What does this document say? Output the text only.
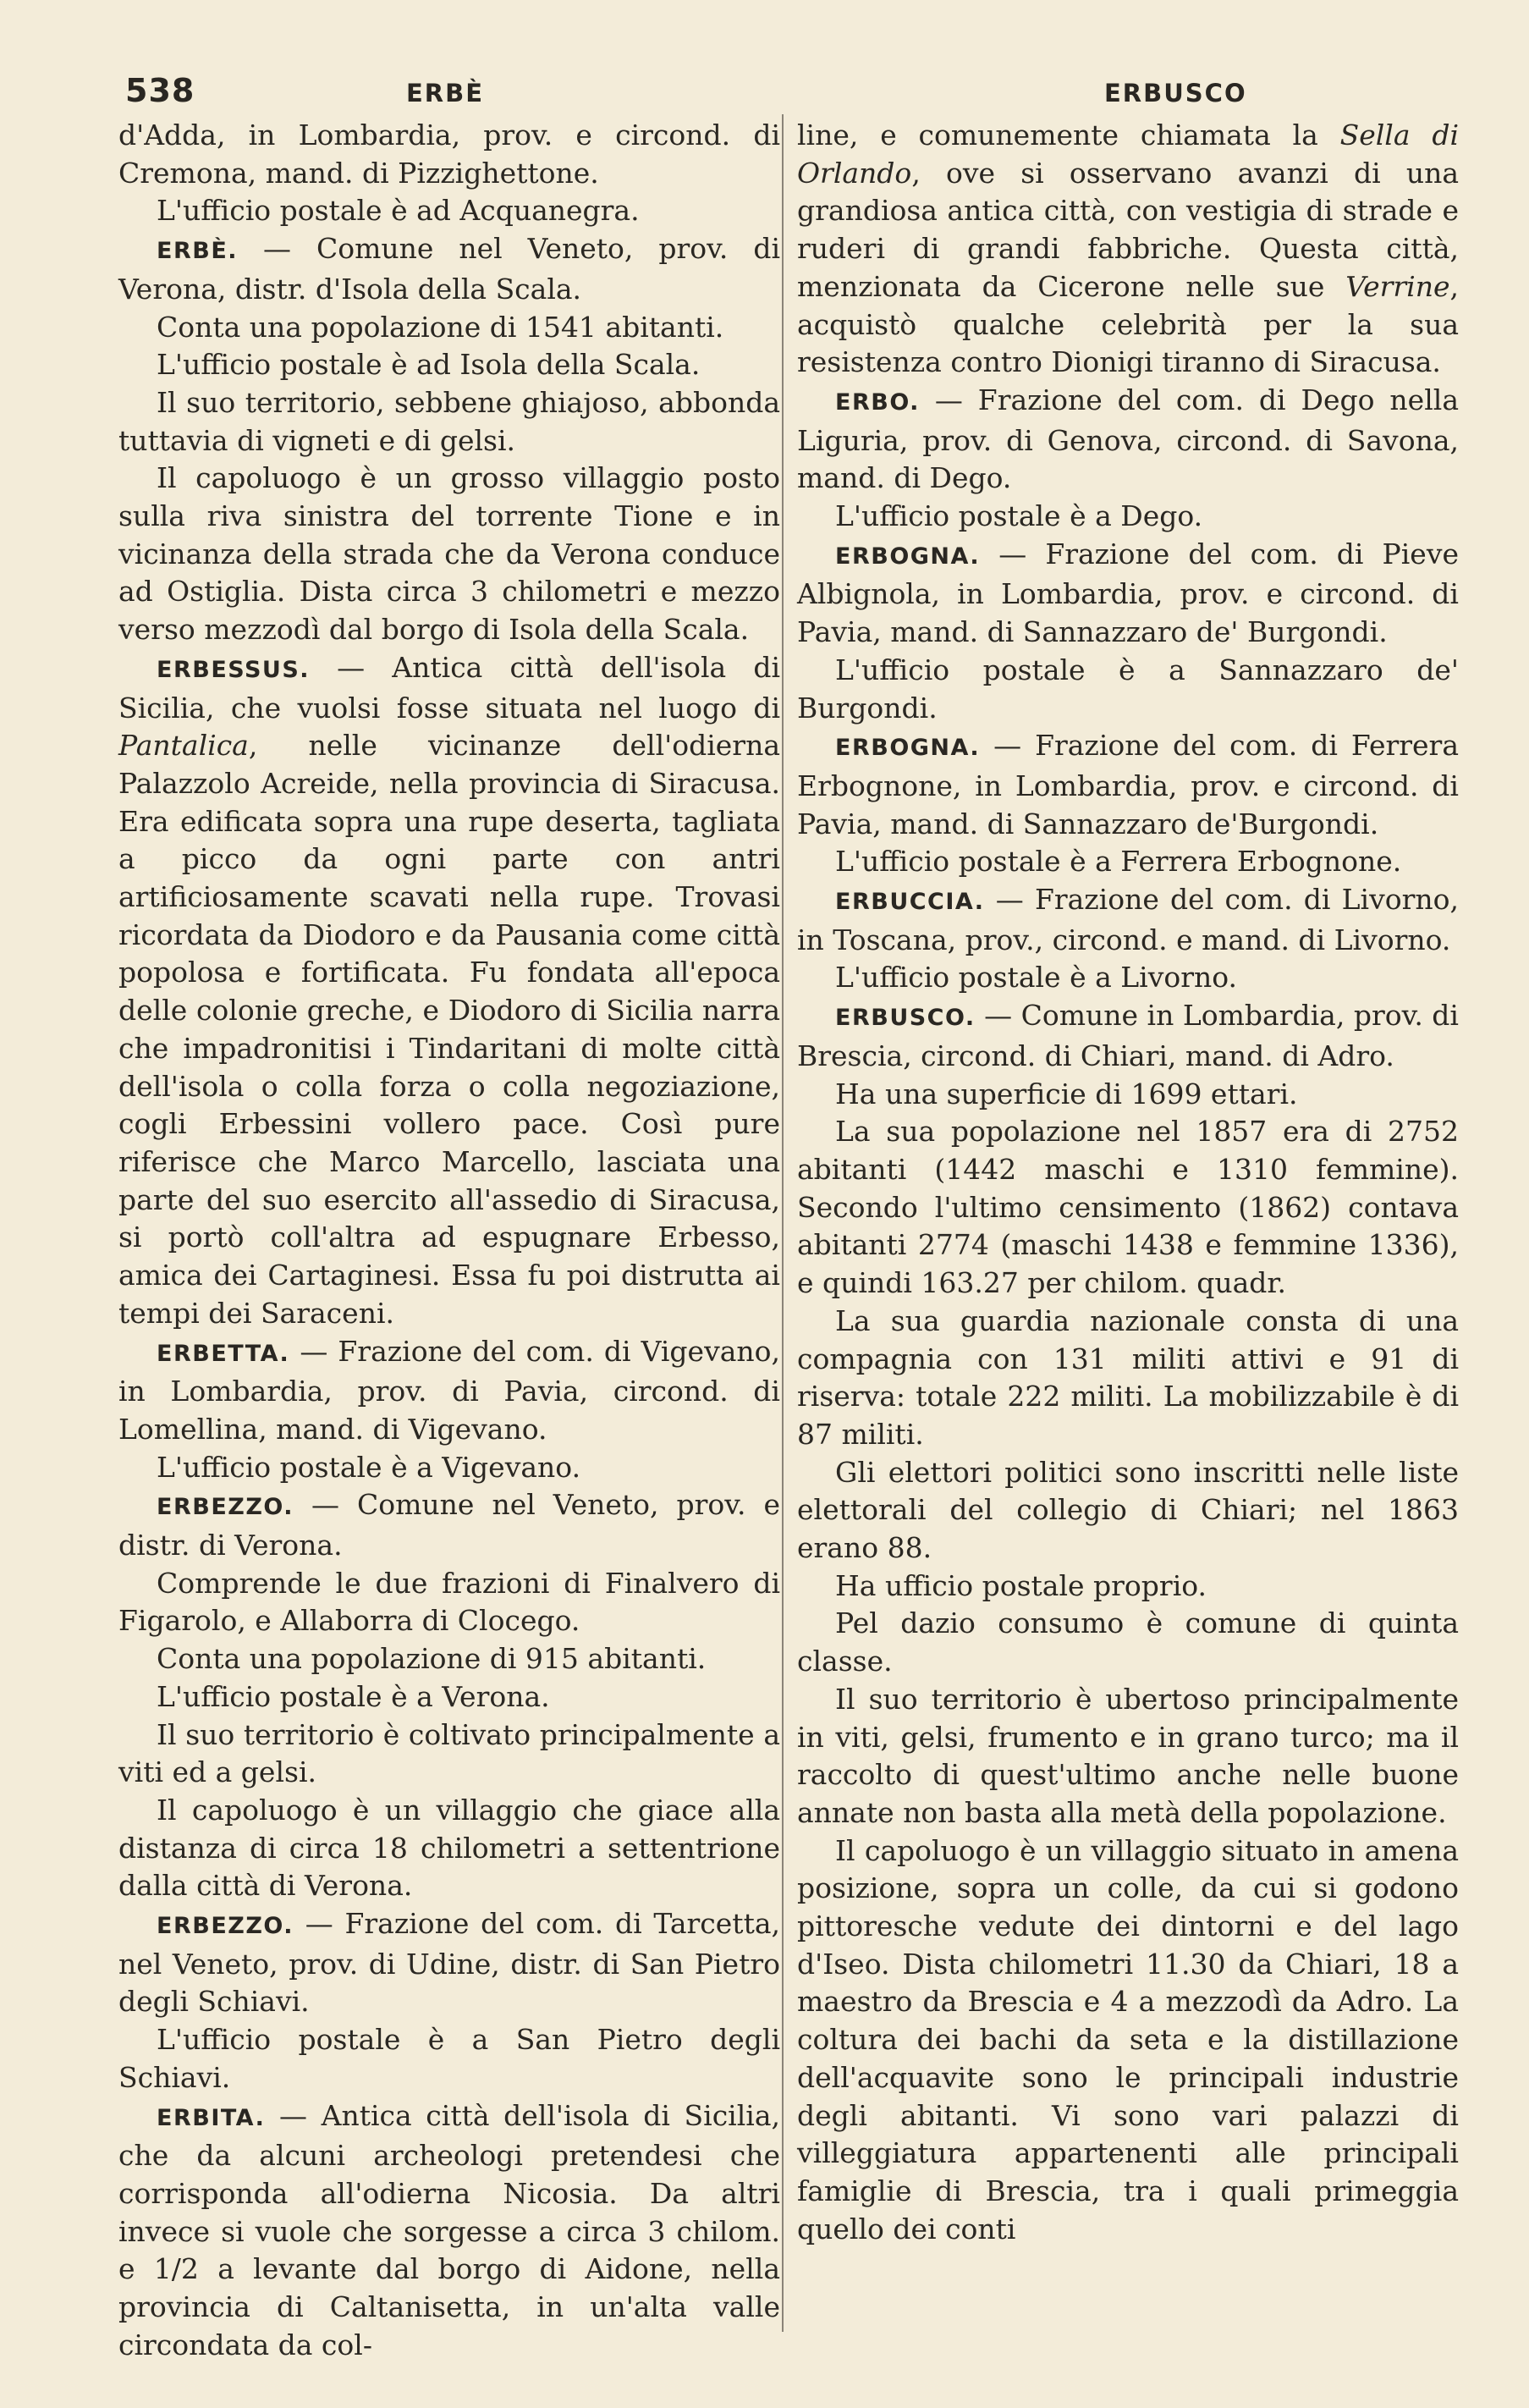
538	ERBÈ	ERBUSCO

d'Adda, in Lombardia, prov. e circond. di Cremona, mand. di Pizzighettone.

L'ufficio postale è ad Acquanegra.

ERBÈ. — Comune nel Veneto, prov. di Verona, distr. d'Isola della Scala.

Conta una popolazione di 1541 abitanti.

L'ufficio postale è ad Isola della Scala.

Il suo territorio, sebbene ghiajoso, abbonda tuttavia di vigneti e di gelsi.

Il capoluogo è un grosso villaggio posto sulla riva sinistra del torrente Tione e in vicinanza della strada che da Verona conduce ad Ostiglia. Dista circa 3 chilometri e mezzo verso mezzodì dal borgo di Isola della Scala.

ERBESSUS. — Antica città dell'isola di Sicilia, che vuolsi fosse situata nel luogo di Pantalica, nelle vicinanze dell'odierna Palazzolo Acreide, nella provincia di Siracusa. Era edificata sopra una rupe deserta, tagliata a picco da ogni parte con antri artificiosamente scavati nella rupe. Trovasi ricordata da Diodoro e da Pausania come città popolosa e fortificata. Fu fondata all'epoca delle colonie greche, e Diodoro di Sicilia narra che impadronitisi i Tindaritani di molte città dell'isola o colla forza o colla negoziazione, cogli Erbessini vollero pace. Così pure riferisce che Marco Marcello, lasciata una parte del suo esercito all'assedio di Siracusa, si portò coll'altra ad espugnare Erbesso, amica dei Cartaginesi. Essa fu poi distrutta ai tempi dei Saraceni.

ERBETTA. — Frazione del com. di Vigevano, in Lombardia, prov. di Pavia, circond. di Lomellina, mand. di Vigevano.

L'ufficio postale è a Vigevano.

ERBEZZO. — Comune nel Veneto, prov. e distr. di Verona.

Comprende le due frazioni di Finalvero di Figarolo, e Allaborra di Clocego.

Conta una popolazione di 915 abitanti.

L'ufficio postale è a Verona.

Il suo territorio è coltivato principalmente a viti ed a gelsi.

Il capoluogo è un villaggio che giace alla distanza di circa 18 chilometri a settentrione dalla città di Verona.

ERBEZZO. — Frazione del com. di Tarcetta, nel Veneto, prov. di Udine, distr. di San Pietro degli Schiavi.

L'ufficio postale è a San Pietro degli Schiavi.

ERBITA. — Antica città dell'isola di Sicilia, che da alcuni archeologi pretendesi che corrisponda all'odierna Nicosia. Da altri invece si vuole che sorgesse a circa 3 chilom. e 1/2 a levante dal borgo di Aidone, nella provincia di Caltanisetta, in un'alta valle circondata da col-

line, e comunemente chiamata la Sella di Orlando, ove si osservano avanzi di una grandiosa antica città, con vestigia di strade e ruderi di grandi fabbriche. Questa città, menzionata da Cicerone nelle sue Verrine, acquistò qualche celebrità per la sua resistenza contro Dionigi tiranno di Siracusa.

ERBO. — Frazione del com. di Dego nella Liguria, prov. di Genova, circond. di Savona, mand. di Dego.

L'ufficio postale è a Dego.

ERBOGNA. — Frazione del com. di Pieve Albignola, in Lombardia, prov. e circond. di Pavia, mand. di Sannazzaro de' Burgondi.

L'ufficio postale è a Sannazzaro de' Burgondi.

ERBOGNA. — Frazione del com. di Ferrera Erbognone, in Lombardia, prov. e circond. di Pavia, mand. di Sannazzaro de'Burgondi.

L'ufficio postale è a Ferrera Erbognone.

ERBUCCIA. — Frazione del com. di Livorno, in Toscana, prov., circond. e mand. di Livorno.

L'ufficio postale è a Livorno.

ERBUSCO. — Comune in Lombardia, prov. di Brescia, circond. di Chiari, mand. di Adro.

Ha una superficie di 1699 ettari.

La sua popolazione nel 1857 era di 2752 abitanti (1442 maschi e 1310 femmine). Secondo l'ultimo censimento (1862) contava abitanti 2774 (maschi 1438 e femmine 1336), e quindi 163.27 per chilom. quadr.

La sua guardia nazionale consta di una compagnia con 131 militi attivi e 91 di riserva: totale 222 militi. La mobilizzabile è di 87 militi.

Gli elettori politici sono inscritti nelle liste elettorali del collegio di Chiari; nel 1863 erano 88.

Ha ufficio postale proprio.

Pel dazio consumo è comune di quinta classe.

Il suo territorio è ubertoso principalmente in viti, gelsi, frumento e in grano turco; ma il raccolto di quest'ultimo anche nelle buone annate non basta alla metà della popolazione.

Il capoluogo è un villaggio situato in amena posizione, sopra un colle, da cui si godono pittoresche vedute dei dintorni e del lago d'Iseo. Dista chilometri 11.30 da Chiari, 18 a maestro da Brescia e 4 a mezzodì da Adro. La coltura dei bachi da seta e la distillazione dell'acquavite sono le principali industrie degli abitanti. Vi sono vari palazzi di villeggiatura appartenenti alle principali famiglie di Brescia, tra i quali primeggia quello dei conti
